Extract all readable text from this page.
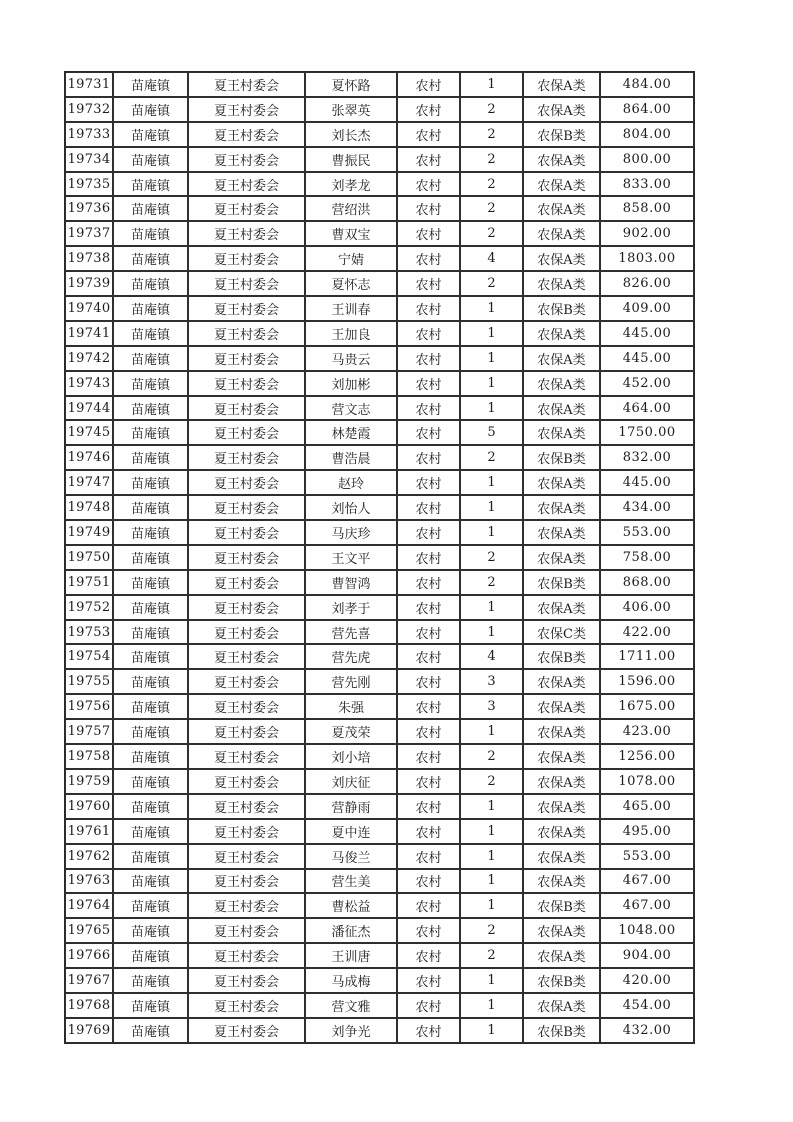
19731	苗庵镇	夏王村委会	夏怀路	农村	1	农保A类	484.00
19732	苗庵镇	夏王村委会	张翠英	农村	2	农保A类	864.00
19733	苗庵镇	夏王村委会	刘长杰	农村	2	农保B类	804.00
19734	苗庵镇	夏王村委会	曹振民	农村	2	农保A类	800.00
19735	苗庵镇	夏王村委会	刘孝龙	农村	2	农保A类	833.00
19736	苗庵镇	夏王村委会	营绍洪	农村	2	农保A类	858.00
19737	苗庵镇	夏王村委会	曹双宝	农村	2	农保A类	902.00
19738	苗庵镇	夏王村委会	宁婧	农村	4	农保A类	1803.00
19739	苗庵镇	夏王村委会	夏怀志	农村	2	农保A类	826.00
19740	苗庵镇	夏王村委会	王训春	农村	1	农保B类	409.00
19741	苗庵镇	夏王村委会	王加良	农村	1	农保A类	445.00
19742	苗庵镇	夏王村委会	马贵云	农村	1	农保A类	445.00
19743	苗庵镇	夏王村委会	刘加彬	农村	1	农保A类	452.00
19744	苗庵镇	夏王村委会	营文志	农村	1	农保A类	464.00
19745	苗庵镇	夏王村委会	林楚霞	农村	5	农保A类	1750.00
19746	苗庵镇	夏王村委会	曹浩晨	农村	2	农保B类	832.00
19747	苗庵镇	夏王村委会	赵玲	农村	1	农保A类	445.00
19748	苗庵镇	夏王村委会	刘怡人	农村	1	农保A类	434.00
19749	苗庵镇	夏王村委会	马庆珍	农村	1	农保A类	553.00
19750	苗庵镇	夏王村委会	王文平	农村	2	农保A类	758.00
19751	苗庵镇	夏王村委会	曹智鸿	农村	2	农保B类	868.00
19752	苗庵镇	夏王村委会	刘孝于	农村	1	农保A类	406.00
19753	苗庵镇	夏王村委会	营先喜	农村	1	农保C类	422.00
19754	苗庵镇	夏王村委会	营先虎	农村	4	农保B类	1711.00
19755	苗庵镇	夏王村委会	营先刚	农村	3	农保A类	1596.00
19756	苗庵镇	夏王村委会	朱强	农村	3	农保A类	1675.00
19757	苗庵镇	夏王村委会	夏茂荣	农村	1	农保A类	423.00
19758	苗庵镇	夏王村委会	刘小培	农村	2	农保A类	1256.00
19759	苗庵镇	夏王村委会	刘庆征	农村	2	农保A类	1078.00
19760	苗庵镇	夏王村委会	营静雨	农村	1	农保A类	465.00
19761	苗庵镇	夏王村委会	夏中连	农村	1	农保A类	495.00
19762	苗庵镇	夏王村委会	马俊兰	农村	1	农保A类	553.00
19763	苗庵镇	夏王村委会	营生美	农村	1	农保A类	467.00
19764	苗庵镇	夏王村委会	曹松益	农村	1	农保B类	467.00
19765	苗庵镇	夏王村委会	潘征杰	农村	2	农保A类	1048.00
19766	苗庵镇	夏王村委会	王训唐	农村	2	农保A类	904.00
19767	苗庵镇	夏王村委会	马成梅	农村	1	农保B类	420.00
19768	苗庵镇	夏王村委会	营文雅	农村	1	农保A类	454.00
19769	苗庵镇	夏王村委会	刘争光	农村	1	农保B类	432.00
